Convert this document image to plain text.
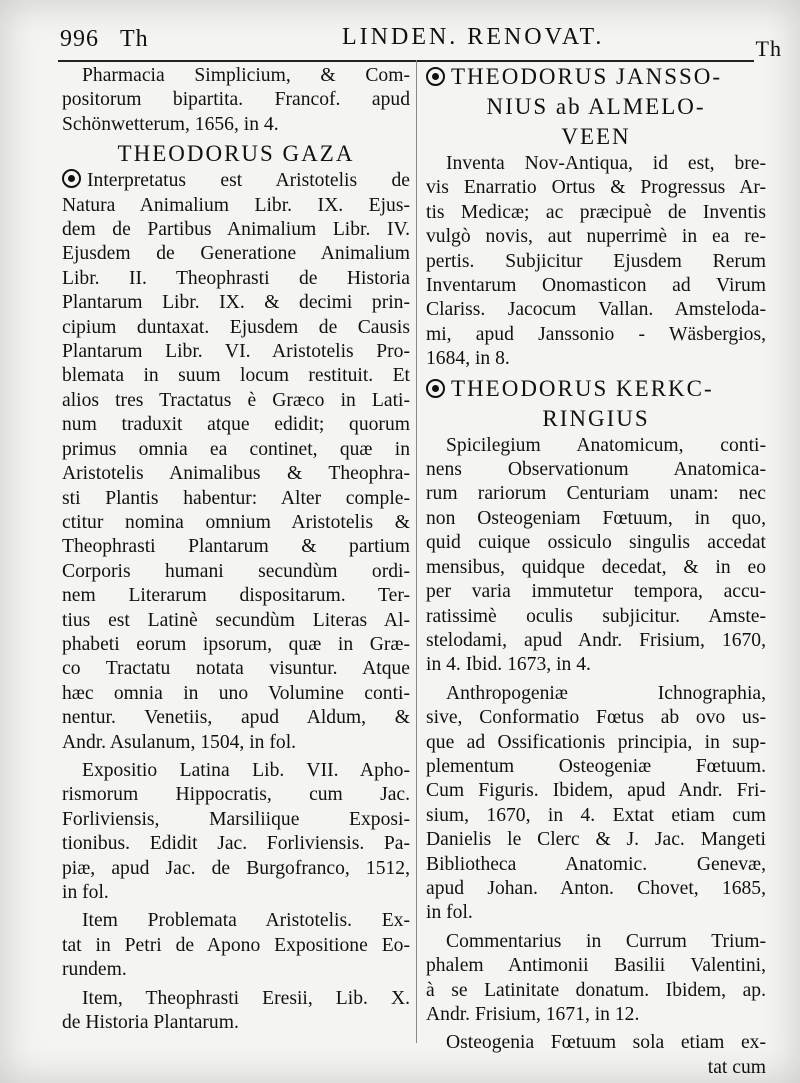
996 Th	LINDEN. RENOVAT.	Th
Pharmacia Simplicium, & Com-
positorum bipartita. Francof. apud
Schönwetterum, 1656, in 4.
THEODORUS GAZA
Interpretatus est Aristotelis de
Natura Animalium Libr. IX. Ejus-
dem de Partibus Animalium Libr. IV.
Ejusdem de Generatione Animalium
Libr. II. Theophrasti de Historia
Plantarum Libr. IX. & decimi prin-
cipium duntaxat. Ejusdem de Causis
Plantarum Libr. VI. Aristotelis Pro-
blemata in suum locum restituit. Et
alios tres Tractatus è Græco in Lati-
num traduxit atque edidit; quorum
primus omnia ea continet, quæ in
Aristotelis Animalibus & Theophra-
sti Plantis habentur: Alter comple-
ctitur nomina omnium Aristotelis &
Theophrasti Plantarum & partium
Corporis humani secundùm ordi-
nem Literarum dispositarum. Ter-
tius est Latinè secundùm Literas Al-
phabeti eorum ipsorum, quæ in Græ-
co Tractatu notata visuntur. Atque
hæc omnia in uno Volumine conti-
nentur. Venetiis, apud Aldum, &
Andr. Asulanum, 1504, in fol.
Expositio Latina Lib. VII. Apho-
rismorum Hippocratis, cum Jac.
Forliviensis, Marsiliique Exposi-
tionibus. Edidit Jac. Forliviensis. Pa-
piæ, apud Jac. de Burgofranco, 1512,
in fol.
Item Problemata Aristotelis. Ex-
tat in Petri de Apono Expositione Eo-
rundem.
Item, Theophrasti Eresii, Lib. X.
de Historia Plantarum.
THEODORUS JANSSO-
NIUS ab ALMELO-
VEEN
Inventa Nov-Antiqua, id est, bre-
vis Enarratio Ortus & Progressus Ar-
tis Medicæ; ac præcipuè de Inventis
vulgò novis, aut nuperrimè in ea re-
pertis. Subjicitur Ejusdem Rerum
Inventarum Onomasticon ad Virum
Clariss. Jacocum Vallan. Amstelodа-
mi, apud Janssonio - Wäsbergios,
1684, in 8.
THEODORUS KERKC-
RINGIUS
Spicilegium Anatomicum, conti-
nens Observationum Anatomica-
rum rariorum Centuriam unam: nec
non Osteogeniam Fœtuum, in quo,
quid cuique ossiculo singulis accedat
mensibus, quidque decedat, & in eo
per varia immutetur tempora, accu-
ratissimè oculis subjicitur. Amste-
stelodami, apud Andr. Frisium, 1670,
in 4. Ibid. 1673, in 4.
Anthropogeniæ Ichnographia,
sive, Conformatio Fœtus ab ovo us-
que ad Ossificationis principia, in sup-
plementum Osteogeniæ Fœtuum.
Cum Figuris. Ibidem, apud Andr. Fri-
sium, 1670, in 4. Extat etiam cum
Danielis le Clerc & J. Jac. Mangeti
Bibliotheca Anatomic. Genevæ,
apud Johan. Anton. Chovet, 1685,
in fol.
Commentarius in Currum Trium-
phalem Antimonii Basilii Valentini,
à se Latinitate donatum. Ibidem, ap.
Andr. Frisium, 1671, in 12.
Osteogenia Fœtuum sola etiam ex-
tat cum
